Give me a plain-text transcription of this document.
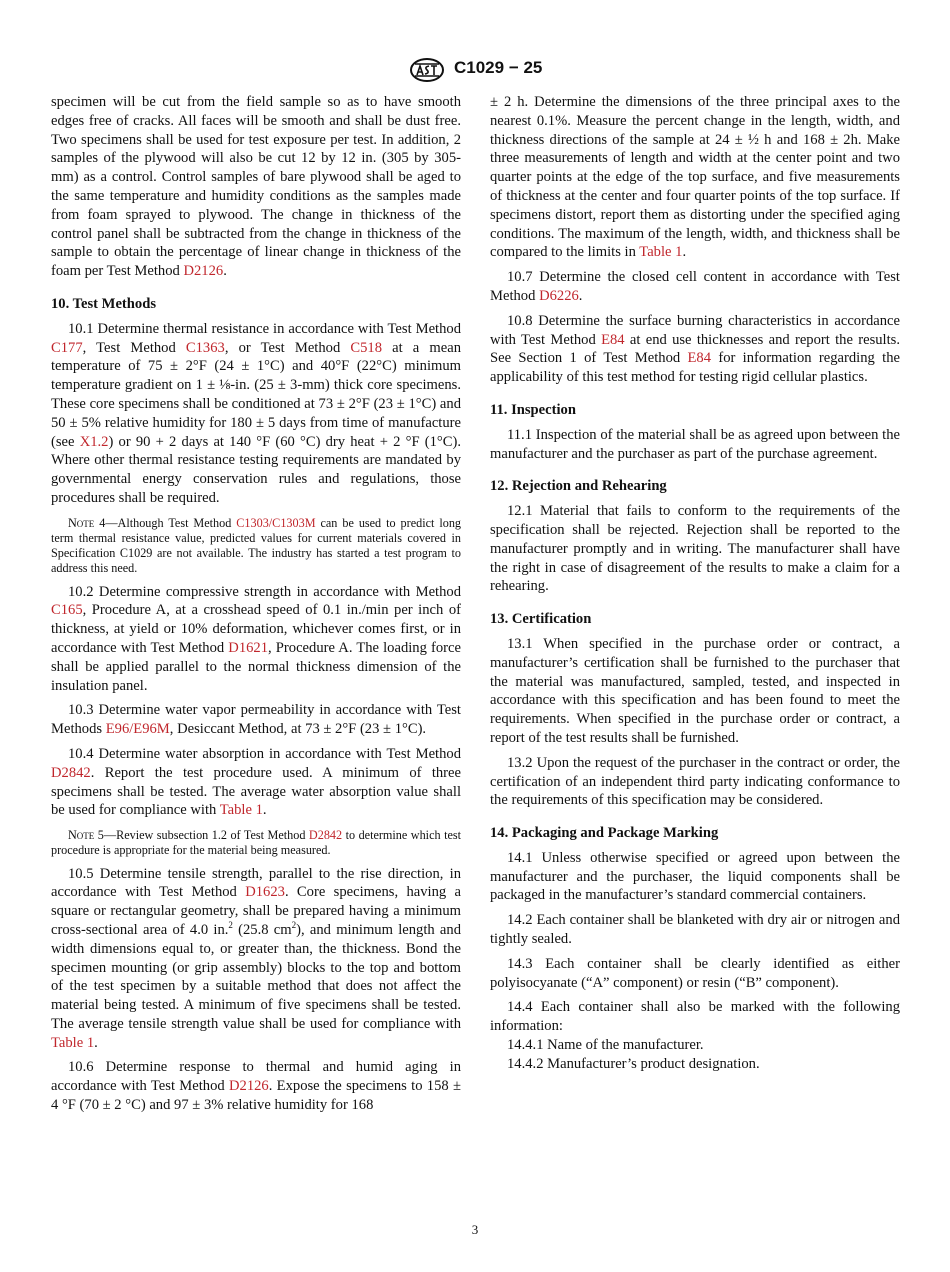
C1029 − 25

specimen will be cut from the field sample so as to have smooth edges free of cracks. All faces will be smooth and shall be dust free. Two specimens shall be used for test exposure per test. In addition, 2 samples of the plywood will also be cut 12 by 12 in. (305 by 305-mm) as a control. Control samples of bare plywood shall be aged to the same temperature and humidity conditions as the samples made from foam sprayed to plywood. The change in thickness of the control panel shall be subtracted from the change in thickness of the sample to obtain the percentage of linear change in thickness of the foam per Test Method D2126.

10. Test Methods

10.1 Determine thermal resistance in accordance with Test Method C177, Test Method C1363, or Test Method C518 at a mean temperature of 75 ± 2°F (24 ± 1°C) and 40°F (22°C) minimum temperature gradient on 1 ± ⅛-in. (25 ± 3-mm) thick core specimens. These core specimens shall be conditioned at 73 ± 2°F (23 ± 1°C) and 50 ± 5% relative humidity for 180 ± 5 days from time of manufacture (see X1.2) or 90 + 2 days at 140 °F (60 °C) dry heat + 2 °F (1°C). Where other thermal resistance testing requirements are mandated by governmental energy conservation rules and regulations, those procedures shall be required.

Note 4—Although Test Method C1303/C1303M can be used to predict long term thermal resistance value, predicted values for current materials covered in Specification C1029 are not available. The industry has started a test program to address this need.

10.2 Determine compressive strength in accordance with Method C165, Procedure A, at a crosshead speed of 0.1 in./min per inch of thickness, at yield or 10% deformation, whichever comes first, or in accordance with Test Method D1621, Procedure A. The loading force shall be applied parallel to the normal thickness dimension of the insulation panel.

10.3 Determine water vapor permeability in accordance with Test Methods E96/E96M, Desiccant Method, at 73 ± 2°F (23 ± 1°C).

10.4 Determine water absorption in accordance with Test Method D2842. Report the test procedure used. A minimum of three specimens shall be tested. The average water absorption value shall be used for compliance with Table 1.

Note 5—Review subsection 1.2 of Test Method D2842 to determine which test procedure is appropriate for the material being measured.

10.5 Determine tensile strength, parallel to the rise direction, in accordance with Test Method D1623. Core specimens, having a square or rectangular geometry, shall be prepared having a minimum cross-sectional area of 4.0 in.$^2$ (25.8 $cm^2$), and minimum length and width dimensions equal to, or greater than, the thickness. Bond the specimen mounting (or grip assembly) blocks to the top and bottom of the test specimen by a suitable method that does not affect the material being tested. A minimum of five specimens shall be tested. The average tensile strength value shall be used for compliance with Table 1.

10.6 Determine response to thermal and humid aging in accordance with Test Method D2126. Expose the specimens to 158 ± 4 °F (70 ± 2 °C) and 97 ± 3% relative humidity for 168

± 2 h. Determine the dimensions of the three principal axes to the nearest 0.1%. Measure the percent change in the length, width, and thickness directions of the sample at 24 ± ½ h and 168 ± 2h. Make three measurements of length and width at the center point and two quarter points at the edge of the top surface, and five measurements of thickness at the center and four quarter points of the top surface. If specimens distort, report them as distorting under the specified aging conditions. The maximum of the length, width, and thickness shall be compared to the limits in Table 1.

10.7 Determine the closed cell content in accordance with Test Method D6226.

10.8 Determine the surface burning characteristics in accordance with Test Method E84 at end use thicknesses and report the results. See Section 1 of Test Method E84 for information regarding the applicability of this test method for testing rigid cellular plastics.

11. Inspection

11.1 Inspection of the material shall be as agreed upon between the manufacturer and the purchaser as part of the purchase agreement.

12. Rejection and Rehearing

12.1 Material that fails to conform to the requirements of the specification shall be rejected. Rejection shall be reported to the manufacturer promptly and in writing. The manufacturer shall have the right in case of disagreement of the results to make a claim for a rehearing.

13. Certification

13.1 When specified in the purchase order or contract, a manufacturer’s certification shall be furnished to the purchaser that the material was manufactured, sampled, tested, and inspected in accordance with this specification and has been found to meet the requirements. When specified in the purchase order or contract, a report of the test results shall be furnished.

13.2 Upon the request of the purchaser in the contract or order, the certification of an independent third party indicating conformance to the requirements of this specification may be considered.

14. Packaging and Package Marking

14.1 Unless otherwise specified or agreed upon between the manufacturer and the purchaser, the liquid components shall be packaged in the manufacturer’s standard commercial containers.

14.2 Each container shall be blanketed with dry air or nitrogen and tightly sealed.

14.3 Each container shall be clearly identified as either polyisocyanate (“A” component) or resin (“B” component).

14.4 Each container shall also be marked with the following information:

14.4.1 Name of the manufacturer.

14.4.2 Manufacturer’s product designation.

3
